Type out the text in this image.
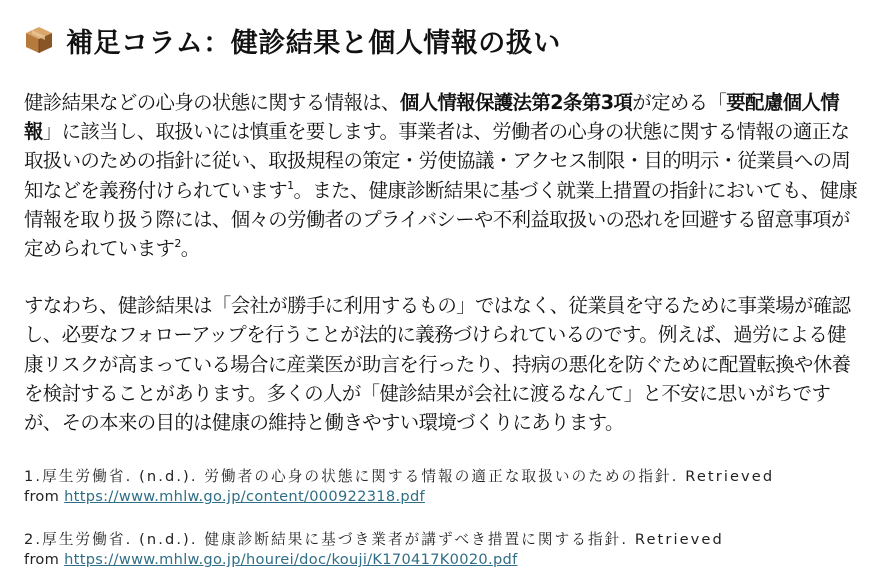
補足コラム：健診結果と個人情報の扱い

健診結果などの心身の状態に関する情報は、個人情報保護法第2条第3項が定める「要配慮個人情報」に該当し、取扱いには慎重を要します。事業者は、労働者の心身の状態に関する情報の適正な取扱いのための指針に従い、取扱規程の策定・労使協議・アクセス制限・目的明示・従業員への周知などを義務付けられています$^1$。また、健康診断結果に基づく就業上措置の指針においても、健康情報を取り扱う際には、個々の労働者のプライバシーや不利益取扱いの恐れを回避する留意事項が定められています$^2$。

すなわち、健診結果は「会社が勝手に利用するもの」ではなく、従業員を守るために事業場が確認し、必要なフォローアップを行うことが法的に義務づけられているのです。例えば、過労による健康リスクが高まっている場合に産業医が助言を行ったり、持病の悪化を防ぐために配置転換や休養を検討することがあります。多くの人が「健診結果が会社に渡るなんて」と不安に思いがちですが、その本来の目的は健康の維持と働きやすい環境づくりにあります。

1.厚生労働省. (n.d.). 労働者の心身の状態に関する情報の適正な取扱いのための指針. Retrieved
from https://www.mhlw.go.jp/content/000922318.pdf
2.厚生労働省. (n.d.). 健康診断結果に基づき業者が講ずべき措置に関する指針. Retrieved
from https://www.mhlw.go.jp/hourei/doc/kouji/K170417K0020.pdf
